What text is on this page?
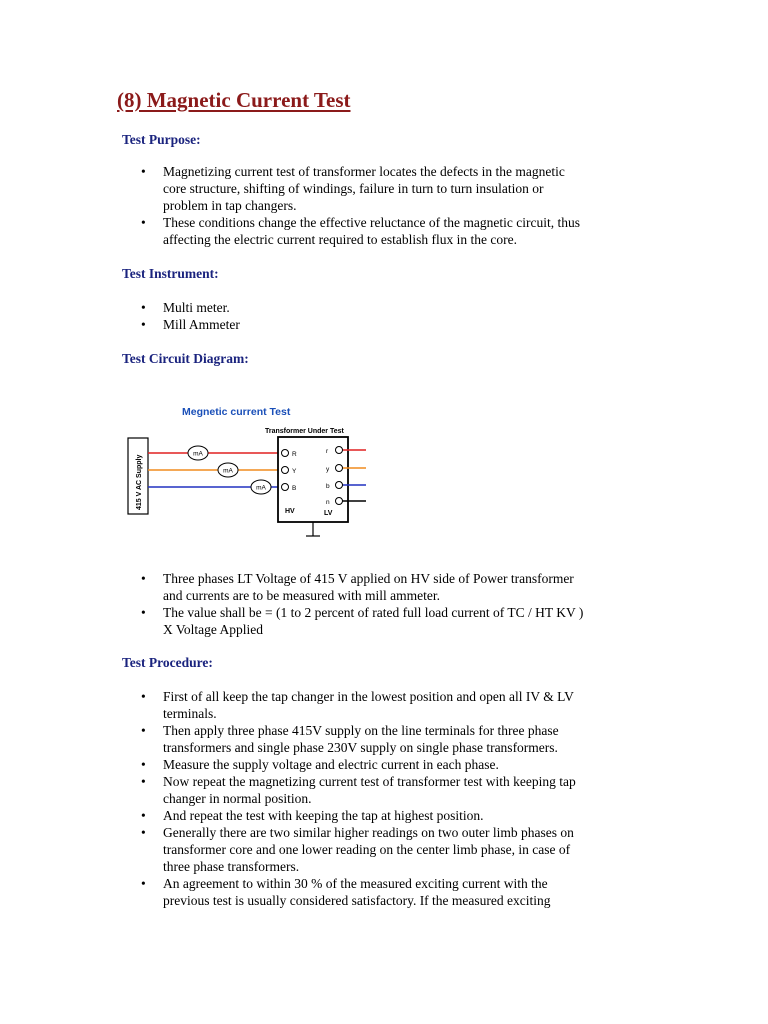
(8) Magnetic Current Test
Test Purpose:
• Magnetizing current test of transformer locates the defects in the magnetic
core structure, shifting of windings, failure in turn to turn insulation or
problem in tap changers.
• These conditions change the effective reluctance of the magnetic circuit, thus
affecting the electric current required to establish flux in the core.
Test Instrument:
• Multi meter.
• Mill Ammeter
Test Circuit Diagram:
Megnetic current Test
Transformer Under Test
415 V AC Supply
mA
mA
mA
R
Y
B
HV
r
y
b
n
LV
• Three phases LT Voltage of 415 V applied on HV side of Power transformer
and currents are to be measured with mill ammeter.
• The value shall be = (1 to 2 percent of rated full load current of TC / HT KV )
X Voltage Applied
Test Procedure:
• First of all keep the tap changer in the lowest position and open all IV & LV
terminals.
• Then apply three phase 415V supply on the line terminals for three phase
transformers and single phase 230V supply on single phase transformers.
• Measure the supply voltage and electric current in each phase.
• Now repeat the magnetizing current test of transformer test with keeping tap
changer in normal position.
• And repeat the test with keeping the tap at highest position.
• Generally there are two similar higher readings on two outer limb phases on
transformer core and one lower reading on the center limb phase, in case of
three phase transformers.
• An agreement to within 30 % of the measured exciting current with the
previous test is usually considered satisfactory. If the measured exciting
